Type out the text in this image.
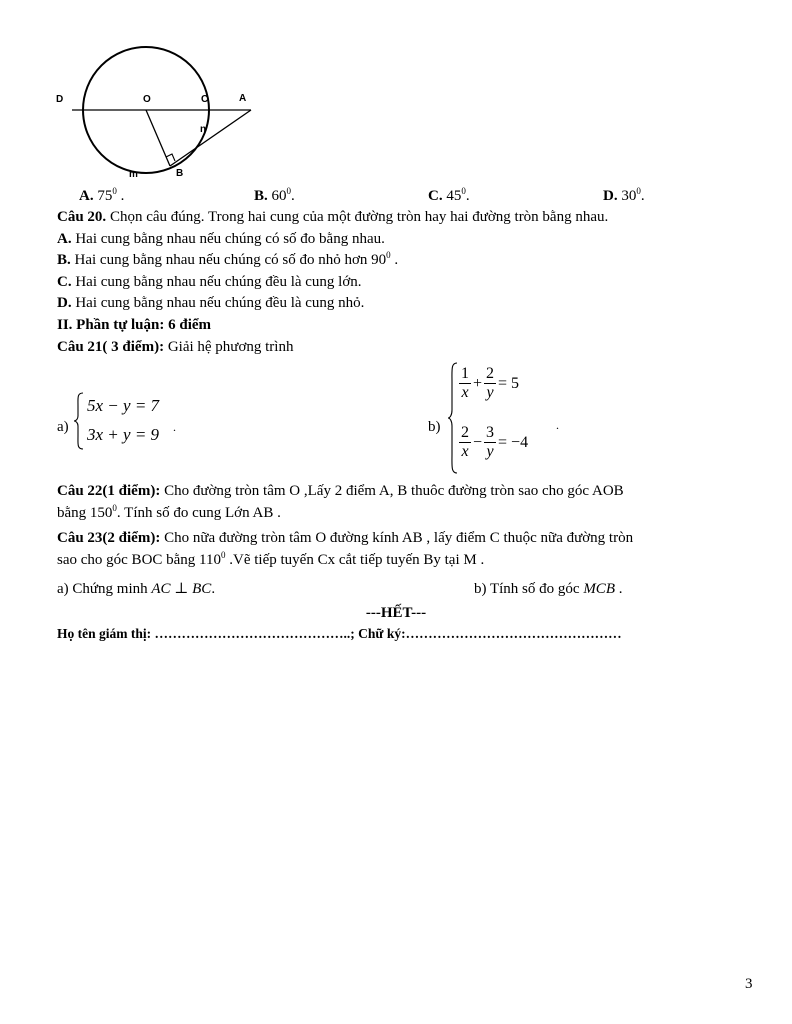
D	O	C	A
n
m	B
A. $75^0$ .	B. $60^0$.	C. $45^0$.	D. $30^0$.
Câu 20. Chọn câu đúng. Trong hai cung của một đường tròn hay hai đường tròn bằng nhau.
A. Hai cung bằng nhau nếu chúng có số đo bằng nhau.
B. Hai cung bằng nhau nếu chúng có số đo nhỏ hơn $90^0$ .
C. Hai cung bằng nhau nếu chúng đều là cung lớn.
D. Hai cung bằng nhau nếu chúng đều là cung nhỏ.
II. Phần tự luận: 6 điểm
Câu 21( 3 điểm): Giải hệ phương trình
a)
5x − y = 7
3x + y = 9 .	b)
$\frac{1}{x} + \frac{2}{y} = 5$
$\frac{2}{x} - \frac{3}{y} = -4$
.
Câu 22(1 điểm): Cho đường tròn tâm O ,Lấy 2 điểm A, B thuôc đường tròn sao cho góc AOB
bằng $150^0$. Tính số đo cung Lớn AB .
Câu 23(2 điểm): Cho nữa đường tròn tâm O đường kính AB , lấy điểm C thuộc nữa đường tròn
sao cho góc BOC bằng $110^0$ .Vẽ tiếp tuyến Cx cắt tiếp tuyến By tại M .
a) Chứng minh AC ⊥ BC.	b) Tính số đo góc MCB .
---HẾT---
Họ tên giám thị: ……………………………………..; Chữ ký:…………………………………………
3
